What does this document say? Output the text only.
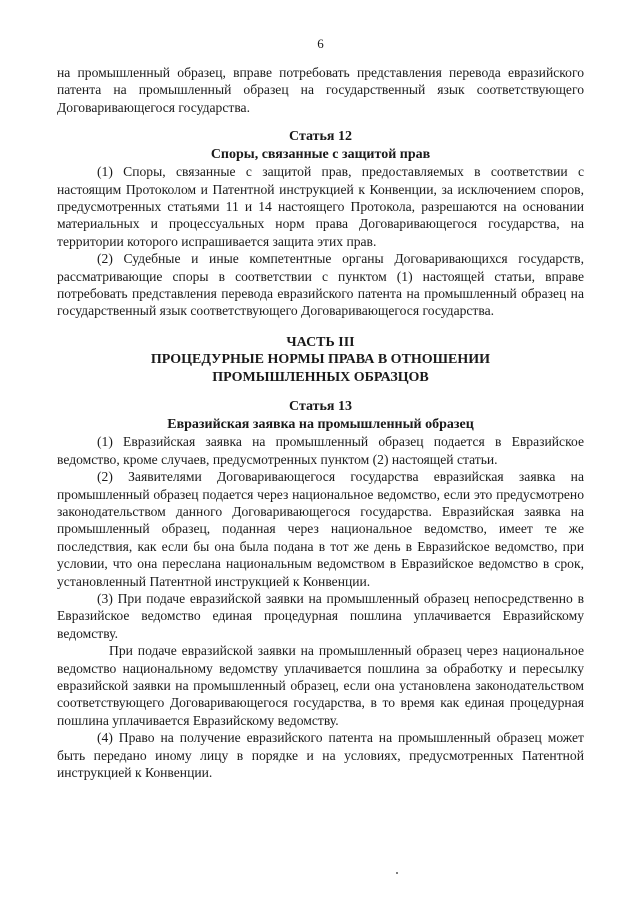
6

на промышленный образец, вправе потребовать представления перевода евразийского патента на промышленный образец на государственный язык соответствующего Договаривающегося государства.

Статья 12
Споры, связанные с защитой прав

(1) Споры, связанные с защитой прав, предоставляемых в соответствии с настоящим Протоколом и Патентной инструкцией к Конвенции, за исключением споров, предусмотренных статьями 11 и 14 настоящего Протокола, разрешаются на основании материальных и процессуальных норм права Договаривающегося государства, на территории которого испрашивается защита этих прав.

(2) Судебные и иные компетентные органы Договаривающихся государств, рассматривающие споры в соответствии с пунктом (1) настоящей статьи, вправе потребовать представления перевода евразийского патента на промышленный образец на государственный язык соответствующего Договаривающегося государства.

ЧАСТЬ III
ПРОЦЕДУРНЫЕ НОРМЫ ПРАВА В ОТНОШЕНИИ
ПРОМЫШЛЕННЫХ ОБРАЗЦОВ
Статья 13
Евразийская заявка на промышленный образец

(1) Евразийская заявка на промышленный образец подается в Евразийское ведомство, кроме случаев, предусмотренных пунктом (2) настоящей статьи.

(2) Заявителями Договаривающегося государства евразийская заявка на промышленный образец подается через национальное ведомство, если это предусмотрено законодательством данного Договаривающегося государства. Евразийская заявка на промышленный образец, поданная через национальное ведомство, имеет те же последствия, как если бы она была подана в тот же день в Евразийское ведомство, при условии, что она переслана национальным ведомством в Евразийское ведомство в срок, установленный Патентной инструкцией к Конвенции.

(3) При подаче евразийской заявки на промышленный образец непосредственно в Евразийское ведомство единая процедурная пошлина уплачивается Евразийскому ведомству.

При подаче евразийской заявки на промышленный образец через национальное ведомство национальному ведомству уплачивается пошлина за обработку и пересылку евразийской заявки на промышленный образец, если она установлена законодательством соответствующего Договаривающегося государства, в то время как единая процедурная пошлина уплачивается Евразийскому ведомству.

(4) Право на получение евразийского патента на промышленный образец может быть передано иному лицу в порядке и на условиях, предусмотренных Патентной инструкцией к Конвенции.
